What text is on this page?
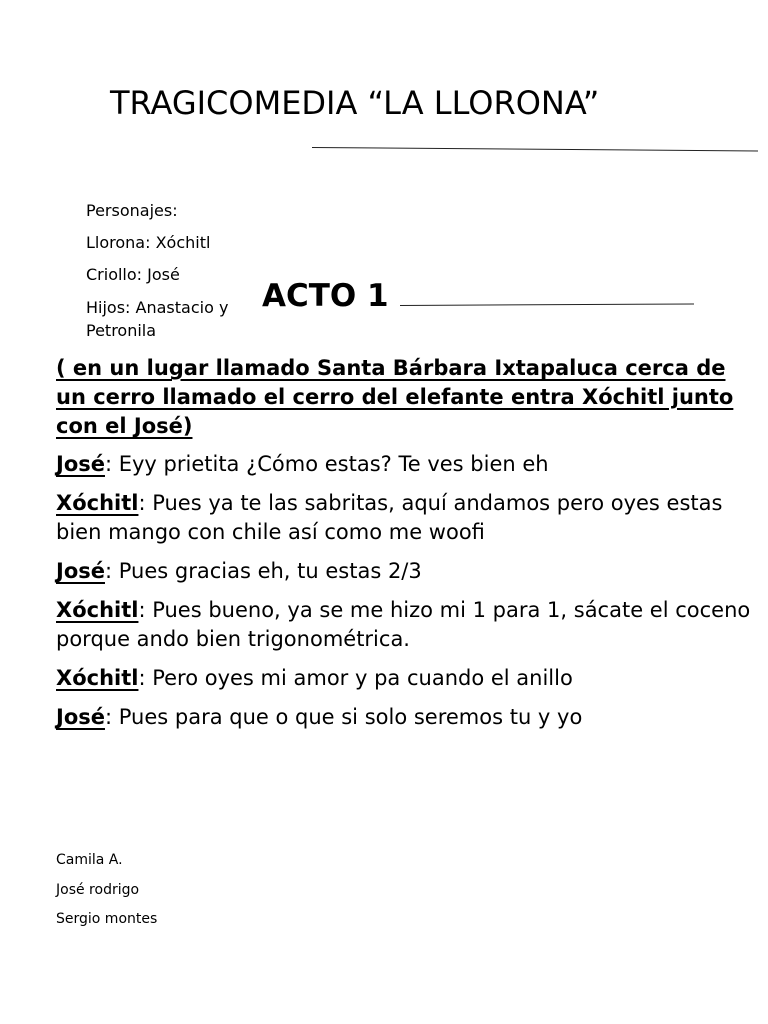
TRAGICOMEDIA “LA LLORONA”
Personajes:
Llorona: Xóchitl
Criollo: José
Hijos: Anastacio y
Petronila
ACTO 1
( en un lugar llamado Santa Bárbara Ixtapaluca cerca de un cerro llamado el cerro del elefante entra Xóchitl junto con el José)
José: Eyy prietita ¿Cómo estas? Te ves bien eh
Xóchitl: Pues ya te las sabritas, aquí andamos pero oyes estas bien mango con chile así como me woofi
José: Pues gracias eh, tu estas 2/3
Xóchitl: Pues bueno, ya se me hizo mi 1 para 1, sácate el coceno porque ando bien trigonométrica.
Xóchitl: Pero oyes mi amor y pa cuando el anillo
José: Pues para que o que si solo seremos tu y yo
Camila A.
José rodrigo
Sergio montes
